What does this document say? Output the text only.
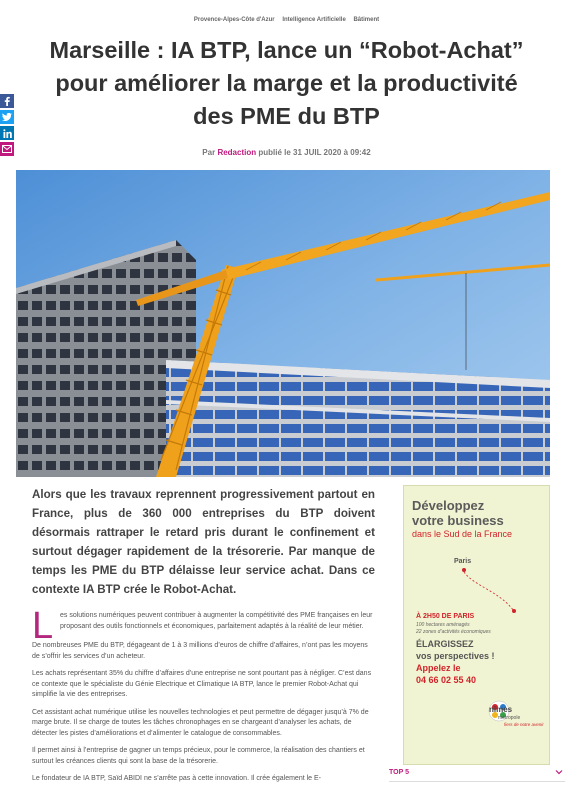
Provence-Alpes-Côte d'Azur Intelligence Artificielle Bâtiment
Marseille : IA BTP, lance un “Robot-Achat” pour améliorer la marge et la productivité des PME du BTP
Par Redaction publié le 31 JUIL 2020 à 09:42

Alors que les travaux reprennent progressivement partout en France, plus de 360 000 entreprises du BTP doivent désormais rattraper le retard pris durant le confinement et surtout dégager rapidement de la trésorerie. Par manque de temps les PME du BTP délaisse leur service achat. Dans ce contexte IA BTP crée le Robot-Achat.

L es solutions numériques peuvent contribuer à augmenter la compétitivité des PME françaises en leur proposant des outils fonctionnels et économiques, parfaitement adaptés à la réalité de leur métier.

De nombreuses PME du BTP, dégageant de 1 à 3 millions d’euros de chiffre d’affaires, n’ont pas les moyens de s’offrir les services d’un acheteur.

Les achats représentant 35% du chiffre d’affaires d’une entreprise ne sont pourtant pas à négliger. C’est dans ce contexte que le spécialiste du Génie Electrique et Climatique IA BTP, lance le premier Robot-Achat qui simplifie la vie des entreprises.

Cet assistant achat numérique utilise les nouvelles technologies et peut permettre de dégager jusqu’à 7% de marge brute. Il se charge de toutes les tâches chronophages en se chargeant d’analyser les achats, de détecter les pistes d’améliorations et d’alimenter le catalogue de consommables.

Il permet ainsi à l’entreprise de gagner un temps précieux, pour le commerce, la réalisation des chantiers et surtout les créances clients qui sont la base de la trésorerie.

Le fondateur de IA BTP, Saïd ABIDI ne s’arrête pas à cette innovation. Il crée également le E-

Développez
votre business
dans le Sud de la France
Paris
À 2H50 DE PARIS
100 hectares aménagés
22 zones d’activités économiques
ÉLARGISSEZ
vos perspectives !
Appelez le
04 66 02 55 40
nîmes
métropole
fiers de notre avenir
TOP 5
